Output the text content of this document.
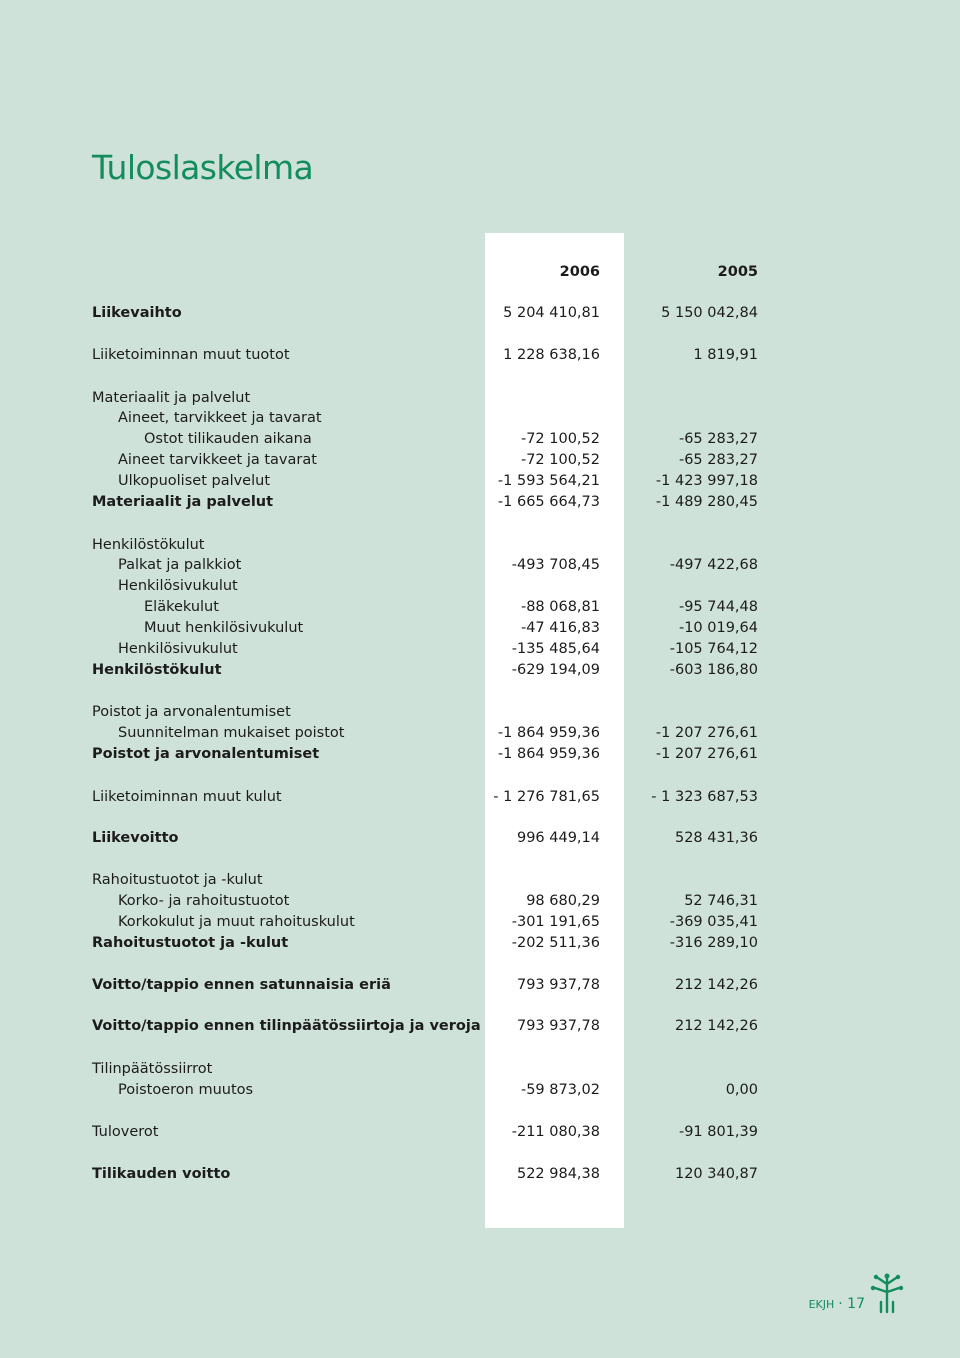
Tuloslaskelma
2006	2005
Liikevaihto	5 204 410,81	5 150 042,84
Liiketoiminnan muut tuotot	1 228 638,16	1 819,91
Materiaalit ja palvelut
Aineet, tarvikkeet ja tavarat
Ostot tilikauden aikana	-72 100,52	-65 283,27
Aineet tarvikkeet ja tavarat	-72 100,52	-65 283,27
Ulkopuoliset palvelut	-1 593 564,21	-1 423 997,18
Materiaalit ja palvelut	-1 665 664,73	-1 489 280,45
Henkilöstökulut
Palkat ja palkkiot	-493 708,45	-497 422,68
Henkilösivukulut
Eläkekulut	-88 068,81	-95 744,48
Muut henkilösivukulut	-47 416,83	-10 019,64
Henkilösivukulut	-135 485,64	-105 764,12
Henkilöstökulut	-629 194,09	-603 186,80
Poistot ja arvonalentumiset
Suunnitelman mukaiset poistot	-1 864 959,36	-1 207 276,61
Poistot ja arvonalentumiset	-1 864 959,36	-1 207 276,61
Liiketoiminnan muut kulut	- 1 276 781,65	- 1 323 687,53
Liikevoitto	996 449,14	528 431,36
Rahoitustuotot ja -kulut
Korko- ja rahoitustuotot	98 680,29	52 746,31
Korkokulut ja muut rahoituskulut	-301 191,65	-369 035,41
Rahoitustuotot ja -kulut	-202 511,36	-316 289,10
Voitto/tappio ennen satunnaisia eriä	793 937,78	212 142,26
Voitto/tappio ennen tilinpäätössiirtoja ja veroja	793 937,78	212 142,26
Tilinpäätössiirrot
Poistoeron muutos	-59 873,02	0,00
Tuloverot	-211 080,38	-91 801,39
Tilikauden voitto	522 984,38	120 340,87
EKJH · 17
